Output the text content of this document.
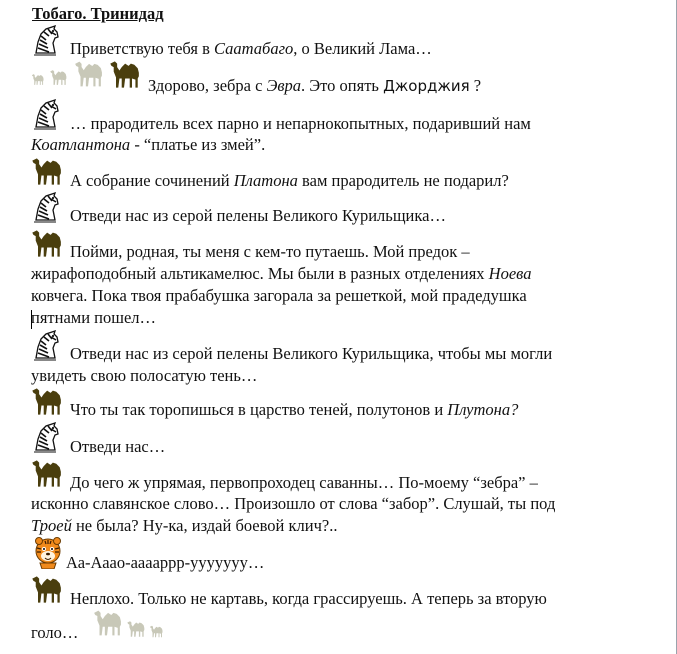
Тобаго. Тринидад
Приветствую тебя в Саатабаго, о Великий Лама…
Здорово, зебра с Эвра. Это опять Джорджия ?
… прародитель всех парно и непарнокопытных, подаривший нам
Коатлантона - “платье из змей”.
А собрание сочинений Платона вам прародитель не подарил?
Отведи нас из серой пелены Великого Курильщика…
Пойми, родная, ты меня с кем-то путаешь. Мой предок –
жирафоподобный альтикамелюс. Мы были в разных отделениях Ноева
ковчега. Пока твоя прабабушка загорала за решеткой, мой прадедушка
пятнами пошел…
Отведи нас из серой пелены Великого Курильщика, чтобы мы могли
увидеть свою полосатую тень…
Что ты так торопишься в царство теней, полутонов и Плутона?
Отведи нас…
До чего ж упрямая, первопроходец саванны… По-моему “зебра” –
исконно славянское слово… Произошло от слова “забор”. Слушай, ты под
Троей не была? Ну-ка, издай боевой клич?..
Аа-Аааo-ааааррр-ууууууу…
Неплохо. Только не картавь, когда грассируешь. А теперь за вторую
голо…
